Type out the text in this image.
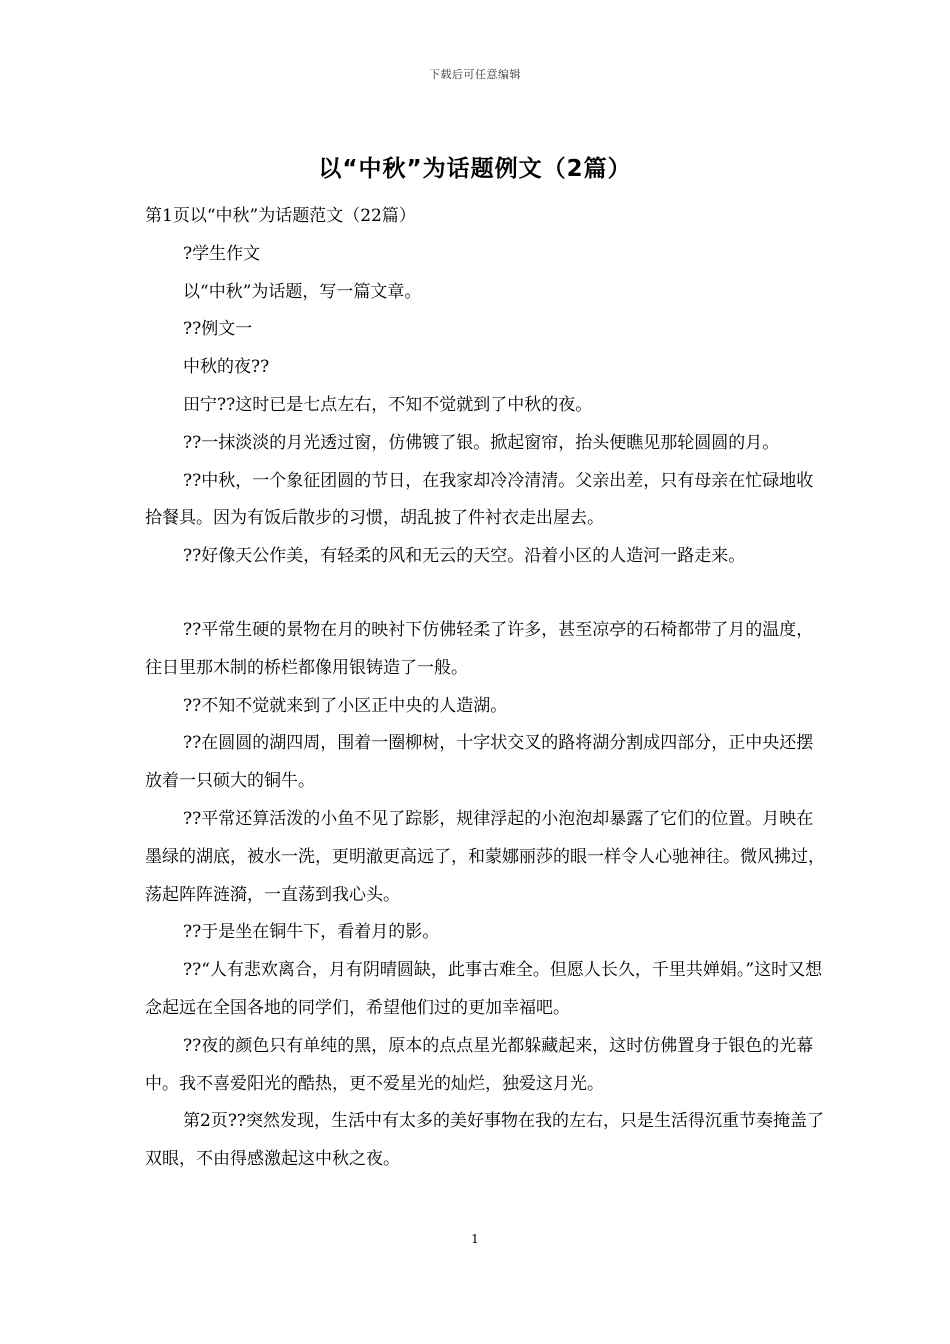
下载后可任意编辑
以“中秋”为话题例文（2篇）

第1页以“中秋”为话题范文（22篇）

?学生作文

以“中秋”为话题，写一篇文章。

??例文一

中秋的夜??

田宁??这时已是七点左右，不知不觉就到了中秋的夜。

??一抹淡淡的月光透过窗，仿佛镀了银。掀起窗帘，抬头便瞧见那轮圆圆的月。

??中秋，一个象征团圆的节日，在我家却冷冷清清。父亲出差，只有母亲在忙碌地收拾餐具。因为有饭后散步的习惯，胡乱披了件衬衣走出屋去。

??好像天公作美，有轻柔的风和无云的天空。沿着小区的人造河一路走来。

??平常生硬的景物在月的映衬下仿佛轻柔了许多，甚至凉亭的石椅都带了月的温度，往日里那木制的桥栏都像用银铸造了一般。

??不知不觉就来到了小区正中央的人造湖。

??在圆圆的湖四周，围着一圈柳树，十字状交叉的路将湖分割成四部分，正中央还摆放着一只硕大的铜牛。

??平常还算活泼的小鱼不见了踪影，规律浮起的小泡泡却暴露了它们的位置。月映在墨绿的湖底，被水一洗，更明澈更高远了，和蒙娜丽莎的眼一样令人心驰神往。微风拂过，荡起阵阵涟漪，一直荡到我心头。

??于是坐在铜牛下，看着月的影。

??“人有悲欢离合，月有阴晴圆缺，此事古难全。但愿人长久，千里共婵娟。”这时又想念起远在全国各地的同学们，希望他们过的更加幸福吧。

??夜的颜色只有单纯的黑，原本的点点星光都躲藏起来，这时仿佛置身于银色的光幕中。我不喜爱阳光的酷热，更不爱星光的灿烂，独爱这月光。

第2页??突然发现，生活中有太多的美好事物在我的左右，只是生活得沉重节奏掩盖了双眼，不由得感激起这中秋之夜。

1
